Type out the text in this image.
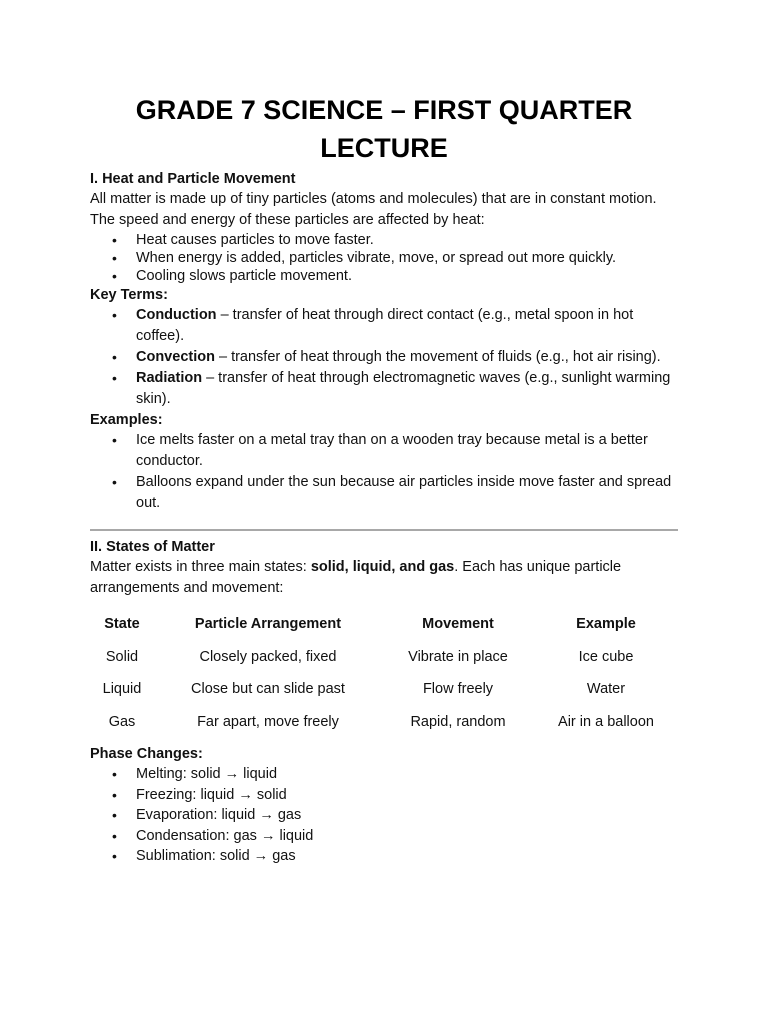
GRADE 7 SCIENCE – FIRST QUARTER
LECTURE
I. Heat and Particle Movement

All matter is made up of tiny particles (atoms and molecules) that are in constant motion. The speed and energy of these particles are affected by heat:

• Heat causes particles to move faster.
• When energy is added, particles vibrate, move, or spread out more quickly.
• Cooling slows particle movement.
Key Terms:
• Conduction – transfer of heat through direct contact (e.g., metal spoon in hot coffee).
• Convection – transfer of heat through the movement of fluids (e.g., hot air rising).
• Radiation – transfer of heat through electromagnetic waves (e.g., sunlight warming skin).
Examples:
• Ice melts faster on a metal tray than on a wooden tray because metal is a better conductor.
• Balloons expand under the sun because air particles inside move faster and spread out.
II. States of Matter

Matter exists in three main states: solid, liquid, and gas. Each has unique particle arrangements and movement:

State	Particle Arrangement	Movement	Example
Solid	Closely packed, fixed	Vibrate in place	Ice cube
Liquid	Close but can slide past	Flow freely	Water
Gas	Far apart, move freely	Rapid, random	Air in a balloon
Phase Changes:
• Melting: solid → liquid
• Freezing: liquid → solid
• Evaporation: liquid → gas
• Condensation: gas → liquid
• Sublimation: solid → gas
